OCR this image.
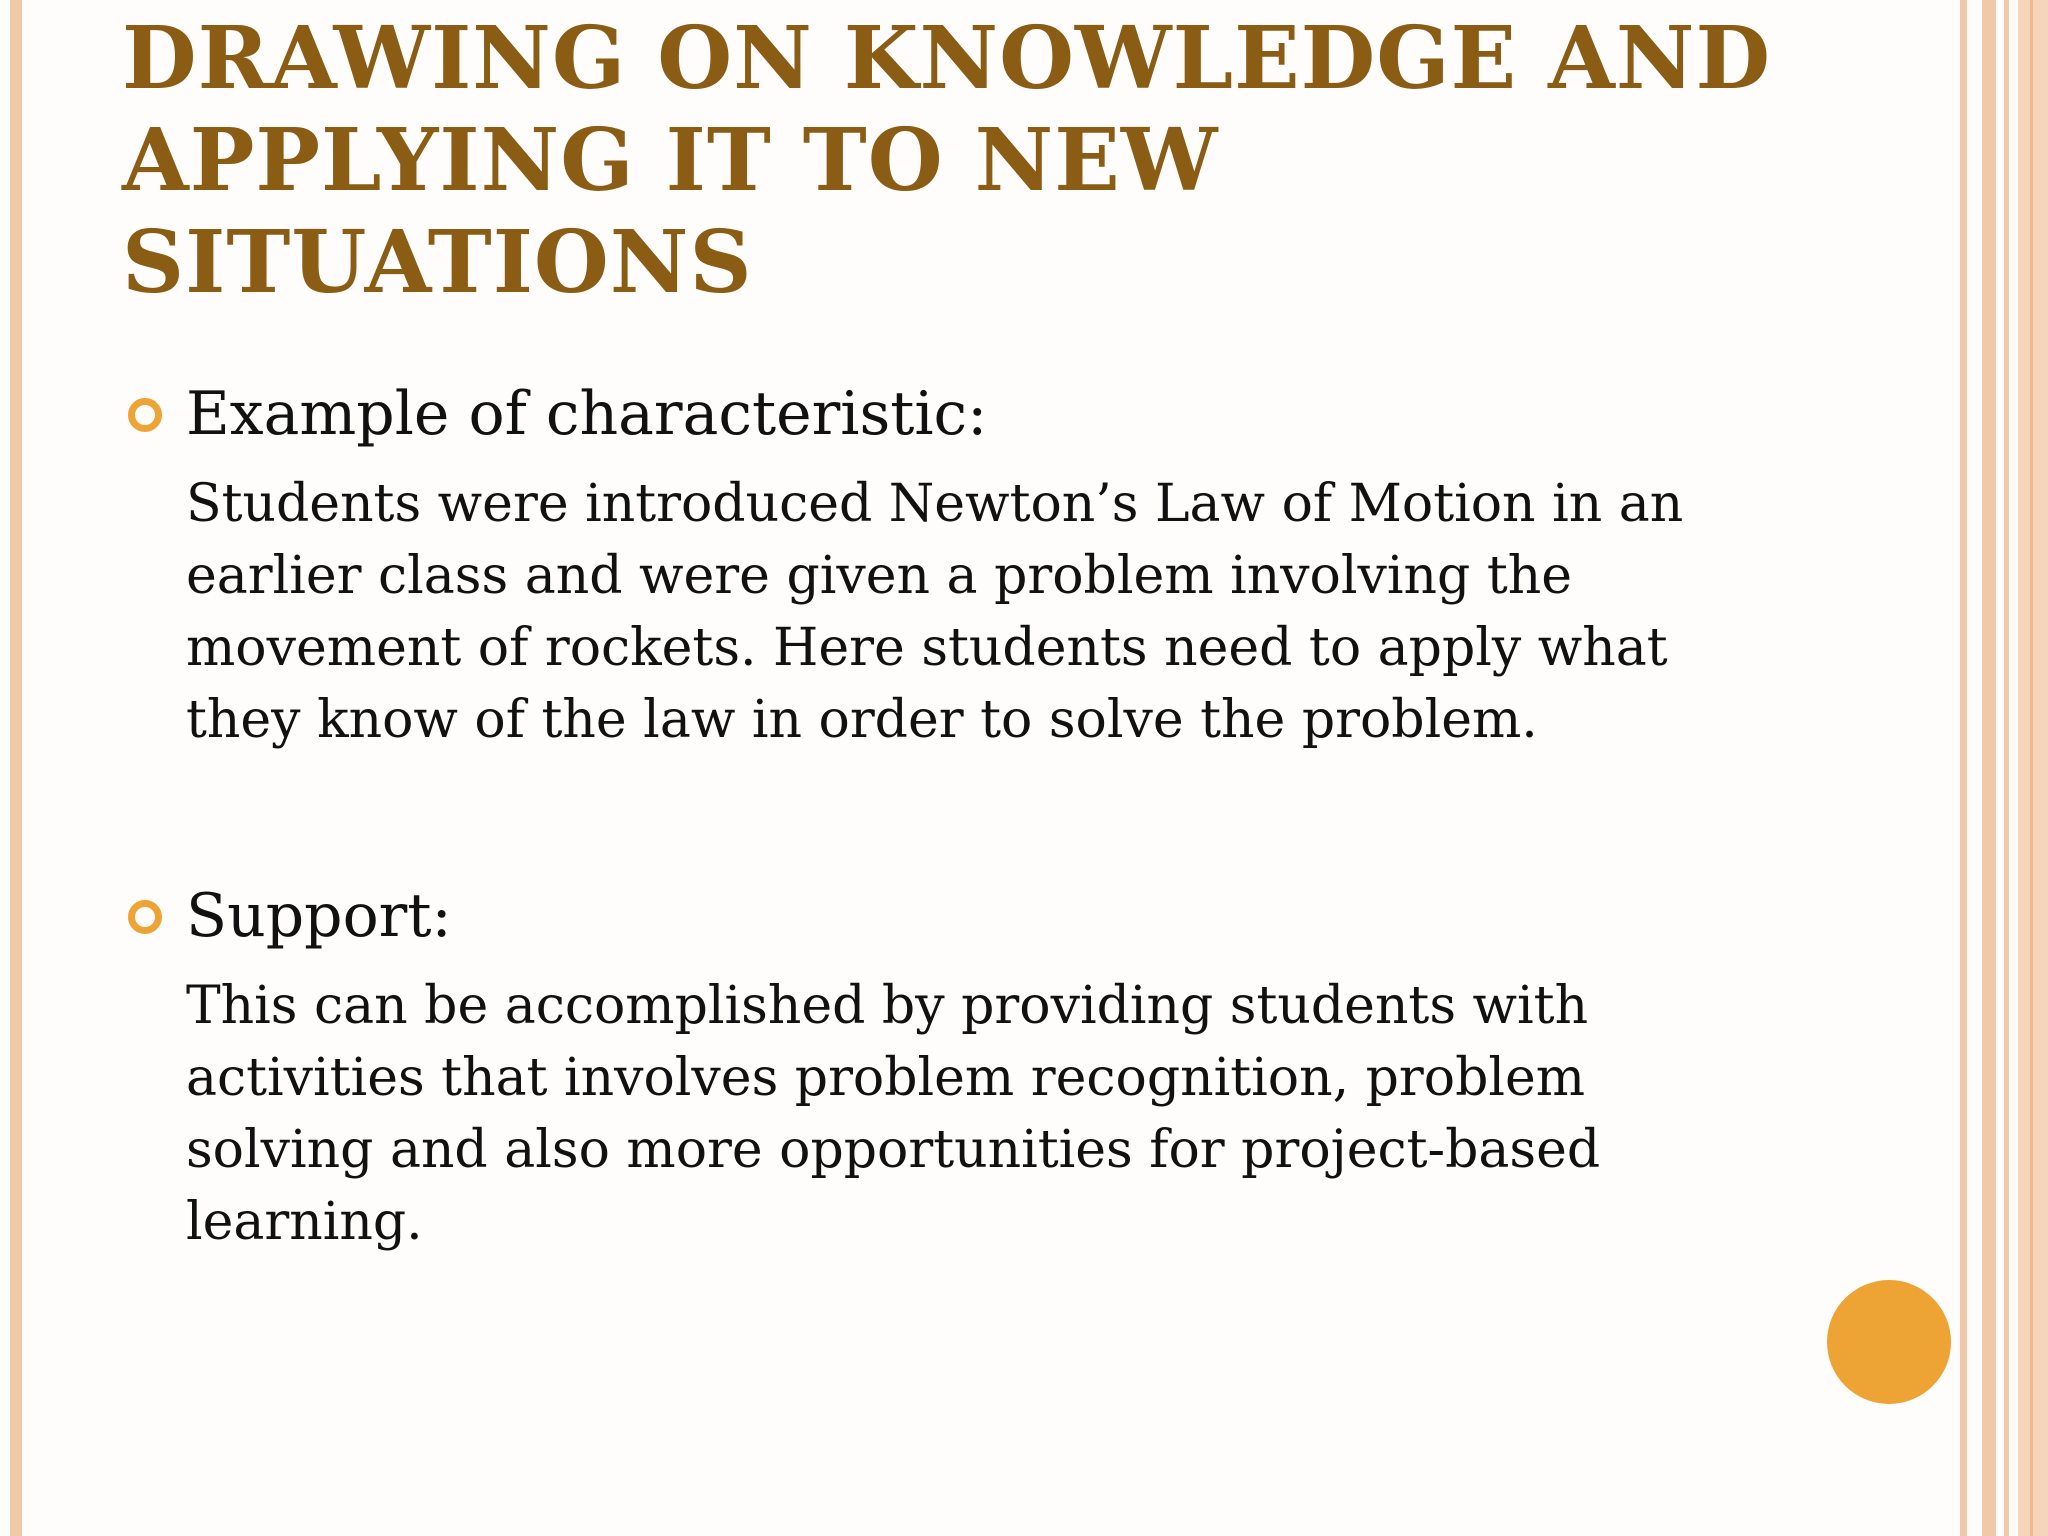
DRAWING ON KNOWLEDGE AND
APPLYING IT TO NEW
SITUATIONS
Example of characteristic:
Students were introduced Newton’s Law of Motion in an
earlier class and were given a problem involving the
movement of rockets. Here students need to apply what
they know of the law in order to solve the problem.
Support:
This can be accomplished by providing students with
activities that involves problem recognition, problem
solving and also more opportunities for project-based
learning.
